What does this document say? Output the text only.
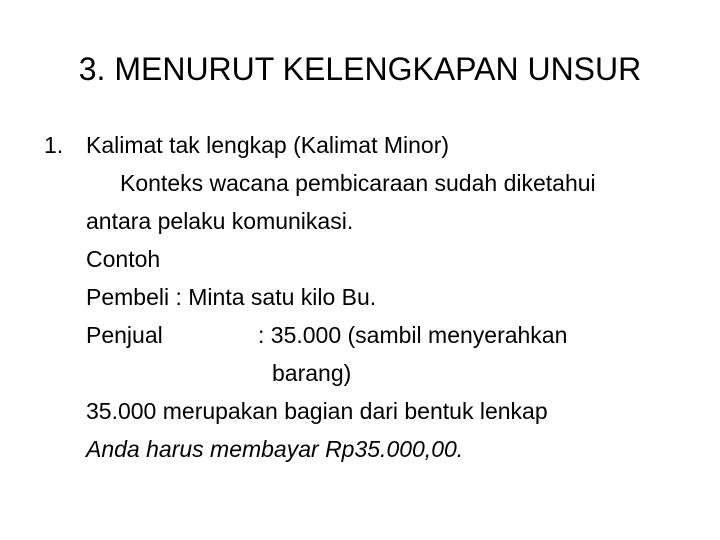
3. MENURUT KELENGKAPAN UNSUR
1. Kalimat tak lengkap (Kalimat Minor)
Konteks wacana pembicaraan sudah diketahui
antara pelaku komunikasi.
Contoh
Pembeli : Minta satu kilo Bu.
Penjual	: 35.000 (sambil menyerahkan
barang)
35.000 merupakan bagian dari bentuk lenkap
Anda harus membayar Rp35.000,00.
